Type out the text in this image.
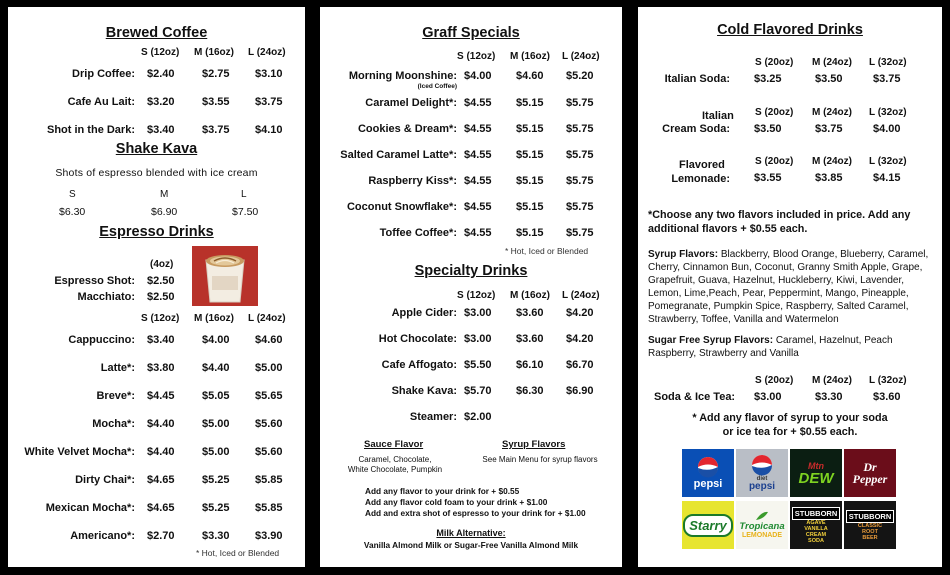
Brewed Coffee
S (12oz) M (16oz) L (24oz)
Drip Coffee: $2.40 $2.75 $3.10
Cafe Au Lait: $3.20 $3.55 $3.75
Shot in the Dark: $3.40 $3.75 $4.10
Shake Kava
Shots of espresso blended with ice cream
S	M	L
$6.30	$6.90	$7.50
Espresso Drinks
(4oz)
Espresso Shot: $2.50
Macchiato: $2.50
S (12oz) M (16oz) L (24oz)
Cappuccino: $3.40 $4.00 $4.60
Latte*: $3.80 $4.40 $5.00
Breve*: $4.45 $5.05 $5.65
Mocha*: $4.40 $5.00 $5.60
White Velvet Mocha*: $4.40 $5.00 $5.60
Dirty Chai*: $4.65 $5.25 $5.85
Mexican Mocha*: $4.65 $5.25 $5.85
Americano*: $2.70 $3.30 $3.90
* Hot, Iced or Blended
Graff Specials
S (12oz) M (16oz) L (24oz)
Morning Moonshine:
(Iced Coffee)
$4.00 $4.60 $5.20
Caramel Delight*: $4.55 $5.15 $5.75
Cookies & Dream*: $4.55 $5.15 $5.75
Salted Caramel Latte*: $4.55 $5.15 $5.75
Raspberry Kiss*: $4.55 $5.15 $5.75
Coconut Snowflake*: $4.55 $5.15 $5.75
Toffee Coffee*: $4.55 $5.15 $5.75
* Hot, Iced or Blended
Specialty Drinks
S (12oz) M (16oz) L (24oz)
Apple Cider: $3.00 $3.60 $4.20
Hot Chocolate: $3.00 $3.60 $4.20
Cafe Affogato: $5.50 $6.10 $6.70
Shake Kava: $5.70 $6.30 $6.90
Steamer: $2.00
Sauce Flavor
Caramel, Chocolate,
White Chocolate, Pumpkin
Syrup Flavors
See Main Menu for syrup flavors
Add any flavor to your drink for + $0.55
Add any flavor cold foam to your drink + $1.00
Add and extra shot of espresso to your drink for + $1.00
Milk Alternative:
Vanilla Almond Milk or Sugar-Free Vanilla Almond Milk
Cold Flavored Drinks
S (20oz) M (24oz) L (32oz)
Italian Soda: $3.25	$3.50	$3.75
S (20oz) M (24oz) L (32oz)
Italian
Cream Soda: $3.50	$3.75	$4.00
S (20oz) M (24oz) L (32oz)
Flavored
Lemonade: $3.55	$3.85	$4.15
*Choose any two flavors included in price. Add any additional flavors + $0.55 each.
Syrup Flavors: Blackberry, Blood Orange, Blueberry, Caramel, Cherry, Cinnamon Bun, Coconut, Granny Smith Apple, Grape, Grapefruit, Guava, Hazelnut, Huckleberry, Kiwi, Lavender, Lemon, Lime,Peach, Pear, Peppermint, Mango, Pineapple, Pomegranate, Pumpkin Spice, Raspberry, Salted Caramel, Strawberry, Toffee, Vanilla and Watermelon
Sugar Free Syrup Flavors: Caramel, Hazelnut, Peach Raspberry, Strawberry and Vanilla
S (20oz) M (24oz) L (32oz)
Soda & Ice Tea: $3.00	$3.30	$3.60
* Add any flavor of syrup to your soda
or ice tea for + $0.55 each.
pepsi	diet
pepsi
Mtn
DEW
Dr Pepper
Starry	Tropicana
LEMONADE
STUBBORN
AGAVE
VANILLA
CREAM
SODA
STUBBORN
CLASSIC
ROOT
BEER
